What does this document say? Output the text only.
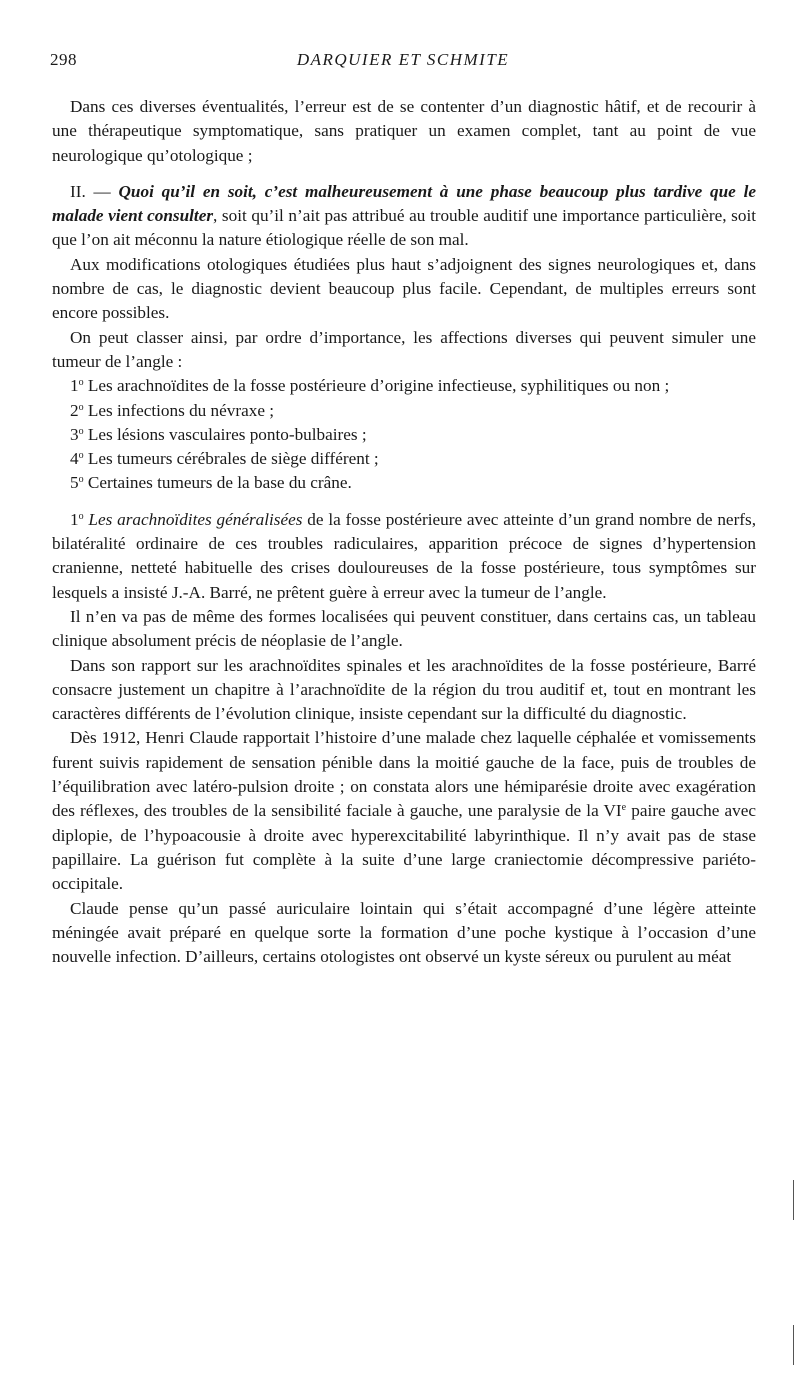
298	DARQUIER ET SCHMITE

Dans ces diverses éventualités, l’erreur est de se contenter d’un diagnostic hâtif, et de recourir à une thérapeutique symptomatique, sans pratiquer un examen complet, tant au point de vue neurologique qu’otologique ;

II. — Quoi qu’il en soit, c’est malheureusement à une phase beaucoup plus tardive que le malade vient consulter, soit qu’il n’ait pas attribué au trouble auditif une importance particulière, soit que l’on ait méconnu la nature étiologique réelle de son mal.

Aux modifications otologiques étudiées plus haut s’adjoignent des signes neurologiques et, dans nombre de cas, le diagnostic devient beaucoup plus facile. Cependant, de multiples erreurs sont encore possibles.

On peut classer ainsi, par ordre d’importance, les affections diverses qui peuvent simuler une tumeur de l’angle :

1$^o$ Les arachnoïdites de la fosse postérieure d’origine infectieuse, syphilitiques ou non ;

2$^o$ Les infections du névraxe ;

3$^o$ Les lésions vasculaires ponto-bulbaires ;

4$^o$ Les tumeurs cérébrales de siège différent ;

5$^o$ Certaines tumeurs de la base du crâne.

1$^o$ Les arachnoïdites généralisées de la fosse postérieure avec atteinte d’un grand nombre de nerfs, bilatéralité ordinaire de ces troubles radiculaires, apparition précoce de signes d’hypertension cranienne, netteté habituelle des crises douloureuses de la fosse postérieure, tous symptômes sur lesquels a insisté J.-A. Barré, ne prêtent guère à erreur avec la tumeur de l’angle.

Il n’en va pas de même des formes localisées qui peuvent constituer, dans certains cas, un tableau clinique absolument précis de néoplasie de l’angle.

Dans son rapport sur les arachnoïdites spinales et les arachnoïdites de la fosse postérieure, Barré consacre justement un chapitre à l’arachnoïdite de la région du trou auditif et, tout en montrant les caractères différents de l’évolution clinique, insiste cependant sur la difficulté du diagnostic.

Dès 1912, Henri Claude rapportait l’histoire d’une malade chez laquelle céphalée et vomissements furent suivis rapidement de sensation pénible dans la moitié gauche de la face, puis de troubles de l’équilibration avec latéro-pulsion droite ; on constata alors une hémiparésie droite avec exagération des réflexes, des troubles de la sensibilité faciale à gauche, une paralysie de la VIe paire gauche avec diplopie, de l’hypoacousie à droite avec hyperexcitabilité labyrinthique. Il n’y avait pas de stase papillaire. La guérison fut complète à la suite d’une large craniectomie décompressive pariéto-occipitale.

Claude pense qu’un passé auriculaire lointain qui s’était accompagné d’une légère atteinte méningée avait préparé en quelque sorte la formation d’une poche kystique à l’occasion d’une nouvelle infection. D’ailleurs, certains otologistes ont observé un kyste séreux ou purulent au méat
